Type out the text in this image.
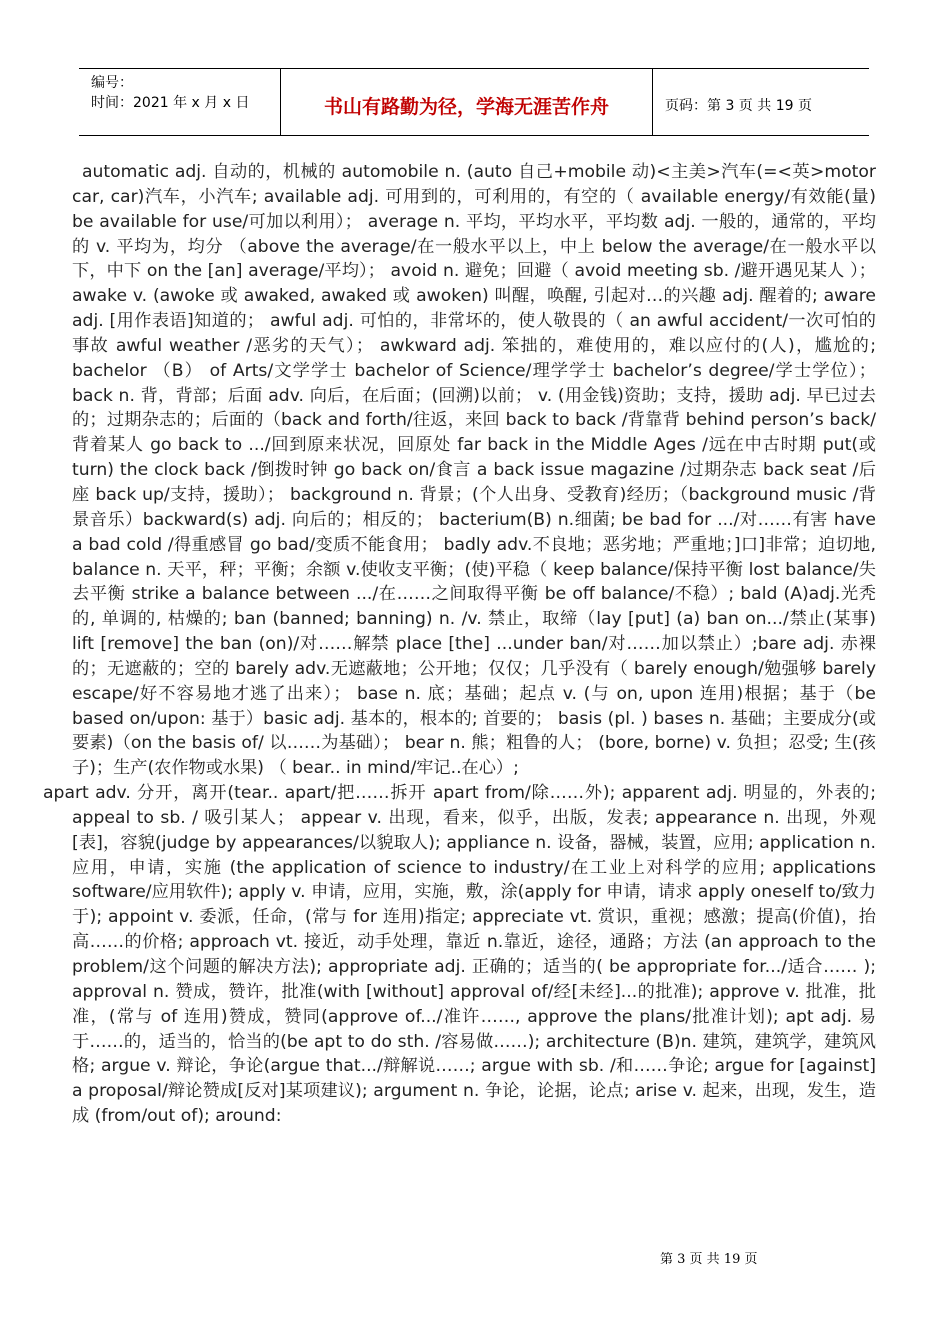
编号：
时间：2021 年 x 月 x 日	书山有路勤为径，学海无涯苦作舟	页码：第 3 页 共 19 页

automatic adj. 自动的，机械的 automobile n. (auto 自己+mobile 动)<主美>汽车(=<英>motor car, car)汽车，小汽车; available adj. 可用到的，可利用的，有空的（ available energy/有效能(量) be available for use/可加以利用）； average n. 平均，平均水平，平均数 adj. 一般的，通常的，平均的 v. 平均为，均分 （above the average/在一般水平以上，中上 below the average/在一般水平以下，中下 on the [an] average/平均）； avoid n. 避免；回避（ avoid meeting sb. /避开遇见某人 ）； awake v. (awoke 或 awaked, awaked 或 awoken) 叫醒，唤醒, 引起对…的兴趣 adj. 醒着的; aware adj. [用作表语]知道的； awful adj. 可怕的，非常坏的，使人敬畏的（ an awful accident/一次可怕的事故 awful weather /恶劣的天气）； awkward adj. 笨拙的，难使用的，难以应付的(人)，尴尬的; bachelor （B） of Arts/文学学士 bachelor of Science/理学学士 bachelor’s degree/学士学位）； back n. 背，背部；后面 adv. 向后，在后面；(回溯)以前； v. (用金钱)资助；支持，援助 adj. 早已过去的；过期杂志的；后面的（back and forth/往返，来回 back to back /背靠背 behind person’s back/背着某人 go back to .../回到原来状况，回原处 far back in the Middle Ages /远在中古时期 put(或 turn) the clock back /倒拨时钟 go back on/食言 a back issue magazine /过期杂志 back seat /后座 back up/支持，援助）； background n. 背景；(个人出身、受教育)经历；（background music /背景音乐）backward(s) adj. 向后的；相反的； bacterium(B) n.细菌; be bad for .../对……有害 have a bad cold /得重感冒 go bad/变质不能食用； badly adv.不良地；恶劣地；严重地；]口]非常；迫切地, balance n. 天平，秤；平衡；余额 v.使收支平衡；(使)平稳（ keep balance/保持平衡 lost balance/失去平衡 strike a balance between .../在……之间取得平衡 be off balance/不稳）; bald (A)adj.光秃的, 单调的, 枯燥的; ban (banned; banning) n. /v. 禁止，取缔（lay [put] (a) ban on.../禁止(某事) lift [remove] the ban (on)/对……解禁 place [the] ...under ban/对……加以禁止）;bare adj. 赤裸的；无遮蔽的；空的 barely adv.无遮蔽地；公开地；仅仅；几乎没有（ barely enough/勉强够 barely escape/好不容易地才逃了出来）； base n. 底；基础；起点 v. (与 on, upon 连用)根据；基于（be based on/upon: 基于）basic adj. 基本的，根本的; 首要的； basis (pl. ) bases n. 基础；主要成分(或要素)（on the basis of/ 以……为基础）； bear n. 熊；粗鲁的人； (bore, borne) v. 负担；忍受; 生(孩子)；生产(农作物或水果) （ bear.. in mind/牢记..在心）;

apart adv. 分开，离开(tear.. apart/把……拆开 apart from/除……外); apparent adj. 明显的，外表的; appeal to sb. / 吸引某人； appear v. 出现，看来，似乎，出版，发表; appearance n. 出现，外观[表]，容貌(judge by appearances/以貌取人); appliance n. 设备，器械，装置，应用; application n. 应用，申请，实施 (the application of science to industry/在工业上对科学的应用; applications software/应用软件); apply v. 申请，应用，实施，敷，涂(apply for 申请，请求 apply oneself to/致力于); appoint v. 委派，任命，(常与 for 连用)指定; appreciate vt. 赏识，重视；感激；提高(价值)，抬高……的价格; approach vt. 接近，动手处理，靠近 n.靠近，途径，通路；方法 (an approach to the problem/这个问题的解决方法); appropriate adj. 正确的；适当的( be appropriate for.../适合…… ); approval n. 赞成，赞许，批准(with [without] approval of/经[未经]...的批准); approve v. 批准，批准，(常与 of 连用)赞成，赞同(approve of.../准许……, approve the plans/批准计划); apt adj. 易于……的，适当的，恰当的(be apt to do sth. /容易做……); architecture (B)n. 建筑，建筑学，建筑风格; argue v. 辩论，争论(argue that.../辩解说……; argue with sb. /和……争论; argue for [against] a proposal/辩论赞成[反对]某项建议); argument n. 争论，论据，论点; arise v. 起来，出现，发生，造成 (from/out of); around:

第 3 页 共 19 页
